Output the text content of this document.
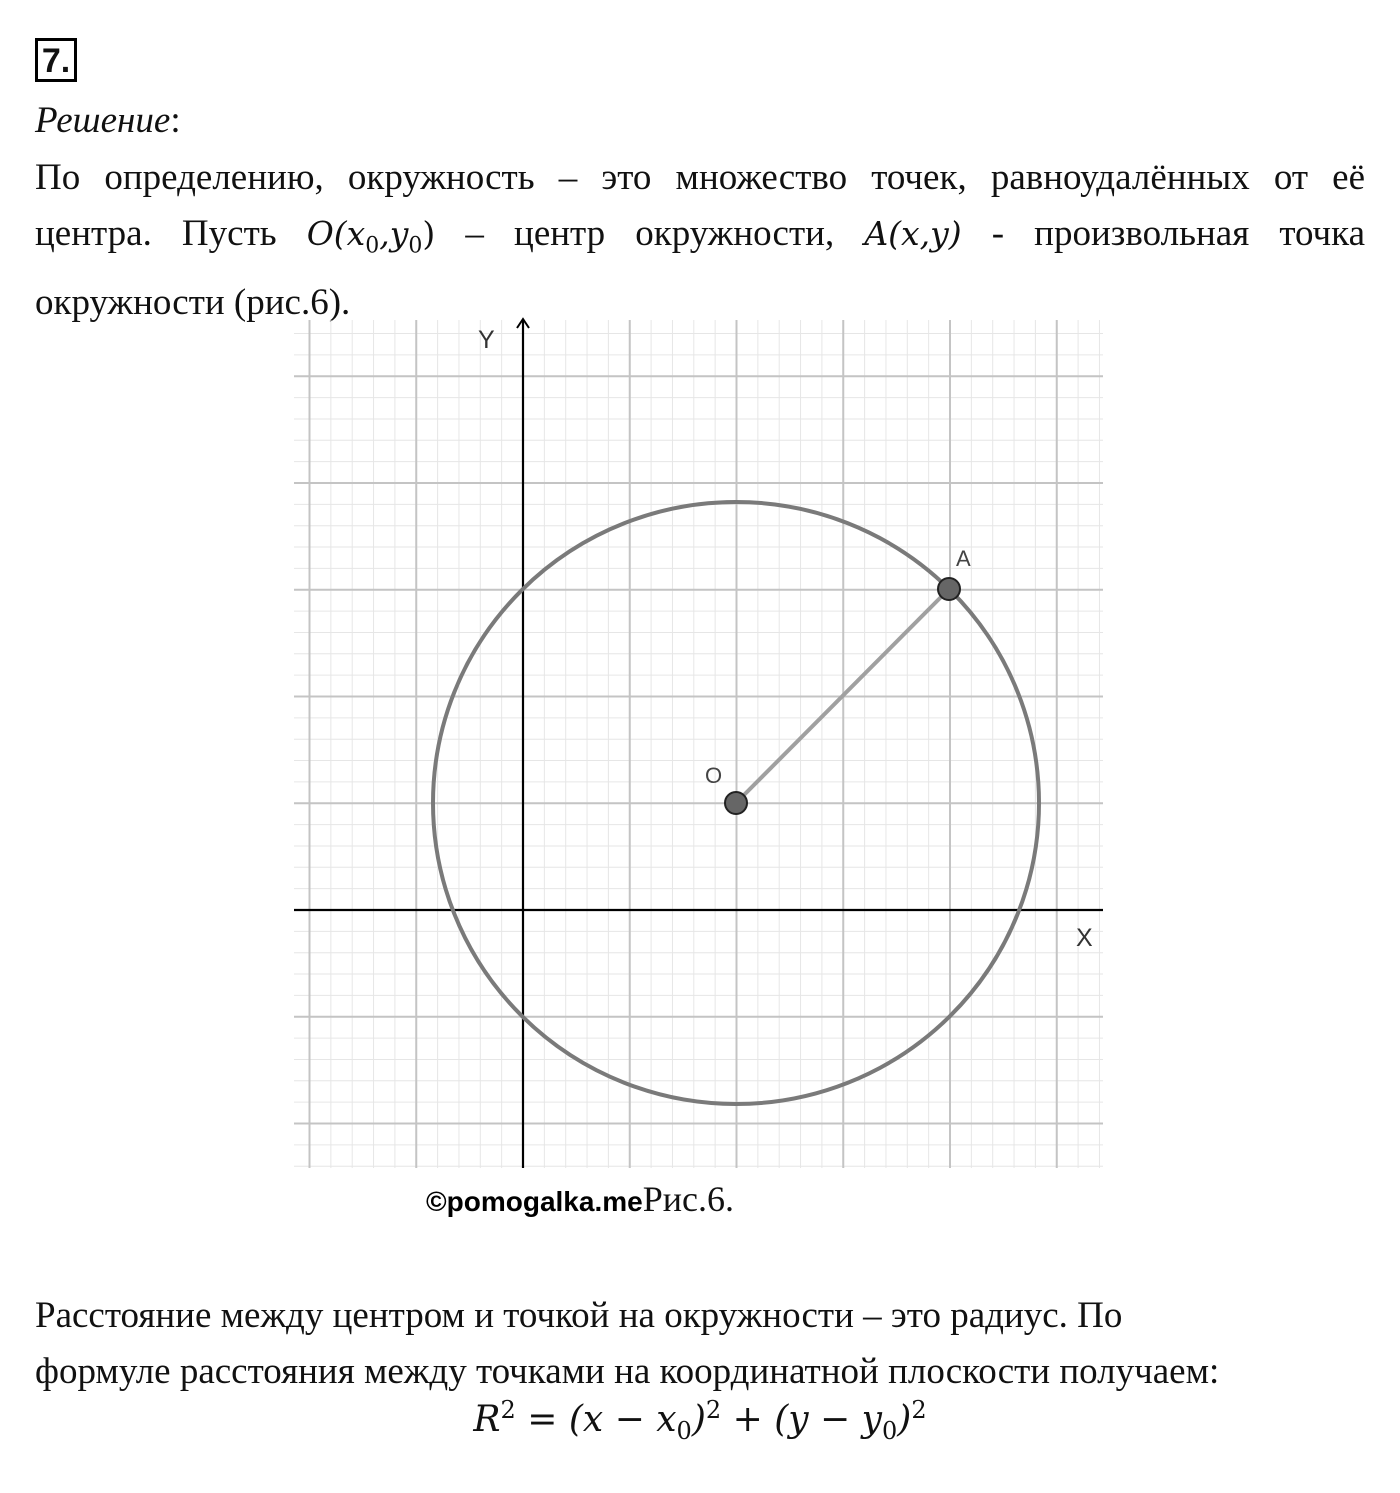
7.
Решение:
По определению, окружность – это множество точек, равноудалённых от её
центра. Пусть $O(x_0,y_0)$ – центр окружности, A(x,y) - произвольная точка
окружности (рис.6).
Y
X
O
A
©pomogalka.meРис.6.
Расстояние между центром и точкой на окружности – это радиус. По
формуле расстояния между точками на координатной плоскости получаем:
$R^2 = (x - x_0)^2 + (y - y_0)^2$
